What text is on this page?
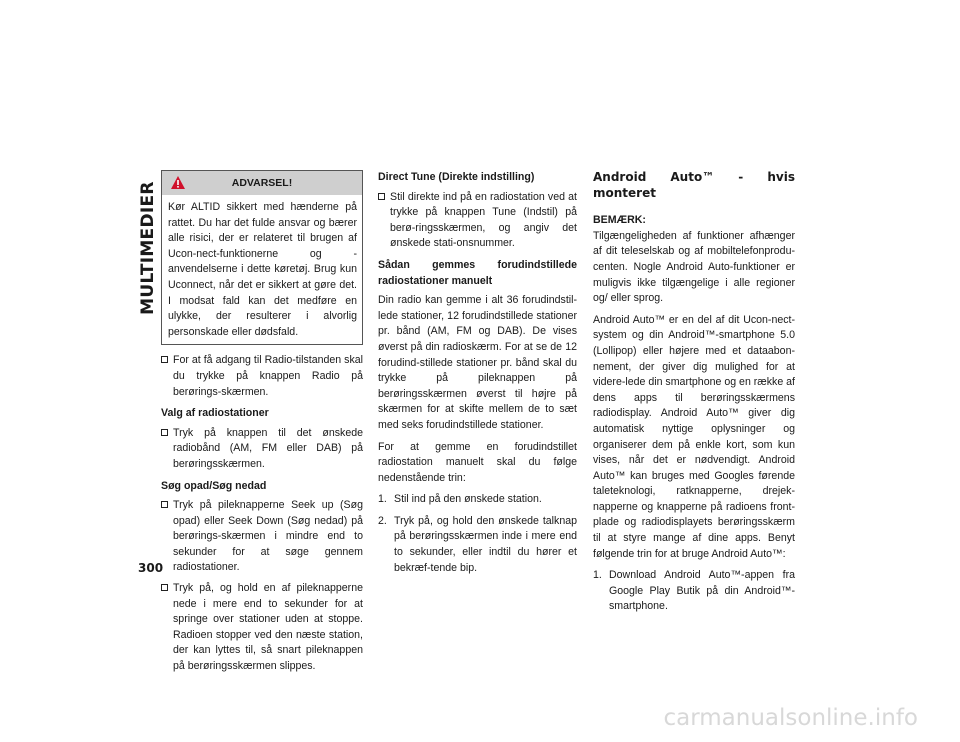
MULTIMEDIER
300
ADVARSEL!
Kør ALTID sikkert med hænderne på rattet. Du har det fulde ansvar og bærer alle risici, der er relateret til brugen af Ucon-nect-funktionerne og -anvendelserne i dette køretøj. Brug kun Uconnect, når det er sikkert at gøre det. I modsat fald kan det medføre en ulykke, der resulterer i alvorlig personskade eller dødsfald.
For at få adgang til Radio-tilstanden skal du trykke på knappen Radio på berørings-skærmen.
Valg af radiostationer
Tryk på knappen til det ønskede radiobånd (AM, FM eller DAB) på berøringsskærmen.
Søg opad/Søg nedad
Tryk på pileknapperne Seek up (Søg opad) eller Seek Down (Søg nedad) på berørings-skærmen i mindre end to sekunder for at søge gennem radiostationer.
Tryk på, og hold en af pileknapperne nede i mere end to sekunder for at springe over stationer uden at stoppe. Radioen stopper ved den næste station, der kan lyttes til, så snart pileknappen på berøringsskærmen slippes.
Direct Tune (Direkte indstilling)
Stil direkte ind på en radiostation ved at trykke på knappen Tune (Indstil) på berø-ringsskærmen, og angiv det ønskede stati-onsnummer.
Sådan gemmes forudindstillede radiostationer manuelt
Din radio kan gemme i alt 36 forudindstil-lede stationer, 12 forudindstillede stationer pr. bånd (AM, FM og DAB). De vises øverst på din radioskærm. For at se de 12 forudind-stillede stationer pr. bånd skal du trykke på pileknappen på berøringsskærmen øverst til højre på skærmen for at skifte mellem de to sæt med seks forudindstillede stationer.
For at gemme en forudindstillet radiostation manuelt skal du følge nedenstående trin:
1. Stil ind på den ønskede station.
2. Tryk på, og hold den ønskede talknap på berøringsskærmen inde i mere end to sekunder, eller indtil du hører et bekræf-tende bip.
Android Auto™ - hvis monteret
BEMÆRK:
Tilgængeligheden af funktioner afhænger af dit teleselskab og af mobiltelefonprodu-centen. Nogle Android Auto-funktioner er muligvis ikke tilgængelige i alle regioner og/ eller sprog.
Android Auto™ er en del af dit Ucon-nect-system og din Android™-smartphone 5.0 (Lollipop) eller højere med et dataabon-nement, der giver dig mulighed for at videre-lede din smartphone og en række af dens apps til berøringsskærmens radiodisplay. Android Auto™ giver dig automatisk nyttige oplysninger og organiserer dem på enkle kort, som kun vises, når det er nødvendigt. Android Auto™ kan bruges med Googles førende taleteknologi, ratknapperne, drejek-napperne og knapperne på radioens front-plade og radiodisplayets berøringsskærm til at styre mange af dine apps. Benyt følgende trin for at bruge Android Auto™:
1. Download Android Auto™-appen fra Google Play Butik på din Android™-smartphone.
carmanualsonline.info
